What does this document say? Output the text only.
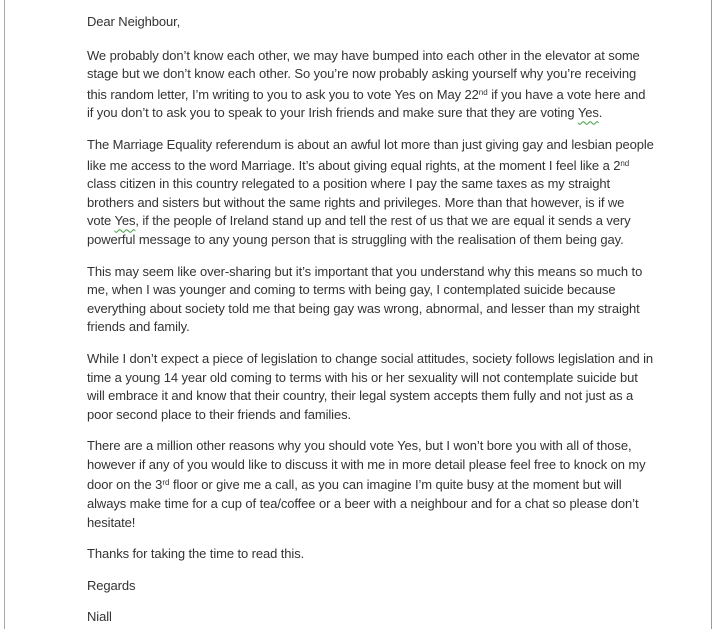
Dear Neighbour,
We probably don’t know each other, we may have bumped into each other in the elevator at some
stage but we don’t know each other. So you’re now probably asking yourself why you’re receiving
this random letter, I’m writing to you to ask you to vote Yes on May 22nd if you have a vote here and
if you don’t to ask you to speak to your Irish friends and make sure that they are voting Yes.
The Marriage Equality referendum is about an awful lot more than just giving gay and lesbian people
like me access to the word Marriage. It’s about giving equal rights, at the moment I feel like a 2nd
class citizen in this country relegated to a position where I pay the same taxes as my straight
brothers and sisters but without the same rights and privileges. More than that however, is if we
vote Yes, if the people of Ireland stand up and tell the rest of us that we are equal it sends a very
powerful message to any young person that is struggling with the realisation of them being gay.
This may seem like over-sharing but it’s important that you understand why this means so much to
me, when I was younger and coming to terms with being gay, I contemplated suicide because
everything about society told me that being gay was wrong, abnormal, and lesser than my straight
friends and family.
While I don’t expect a piece of legislation to change social attitudes, society follows legislation and in
time a young 14 year old coming to terms with his or her sexuality will not contemplate suicide but
will embrace it and know that their country, their legal system accepts them fully and not just as a
poor second place to their friends and families.
There are a million other reasons why you should vote Yes, but I won’t bore you with all of those,
however if any of you would like to discuss it with me in more detail please feel free to knock on my
door on the 3rd floor or give me a call, as you can imagine I’m quite busy at the moment but will
always make time for a cup of tea/coffee or a beer with a neighbour and for a chat so please don’t
hesitate!
Thanks for taking the time to read this.
Regards
Niall
